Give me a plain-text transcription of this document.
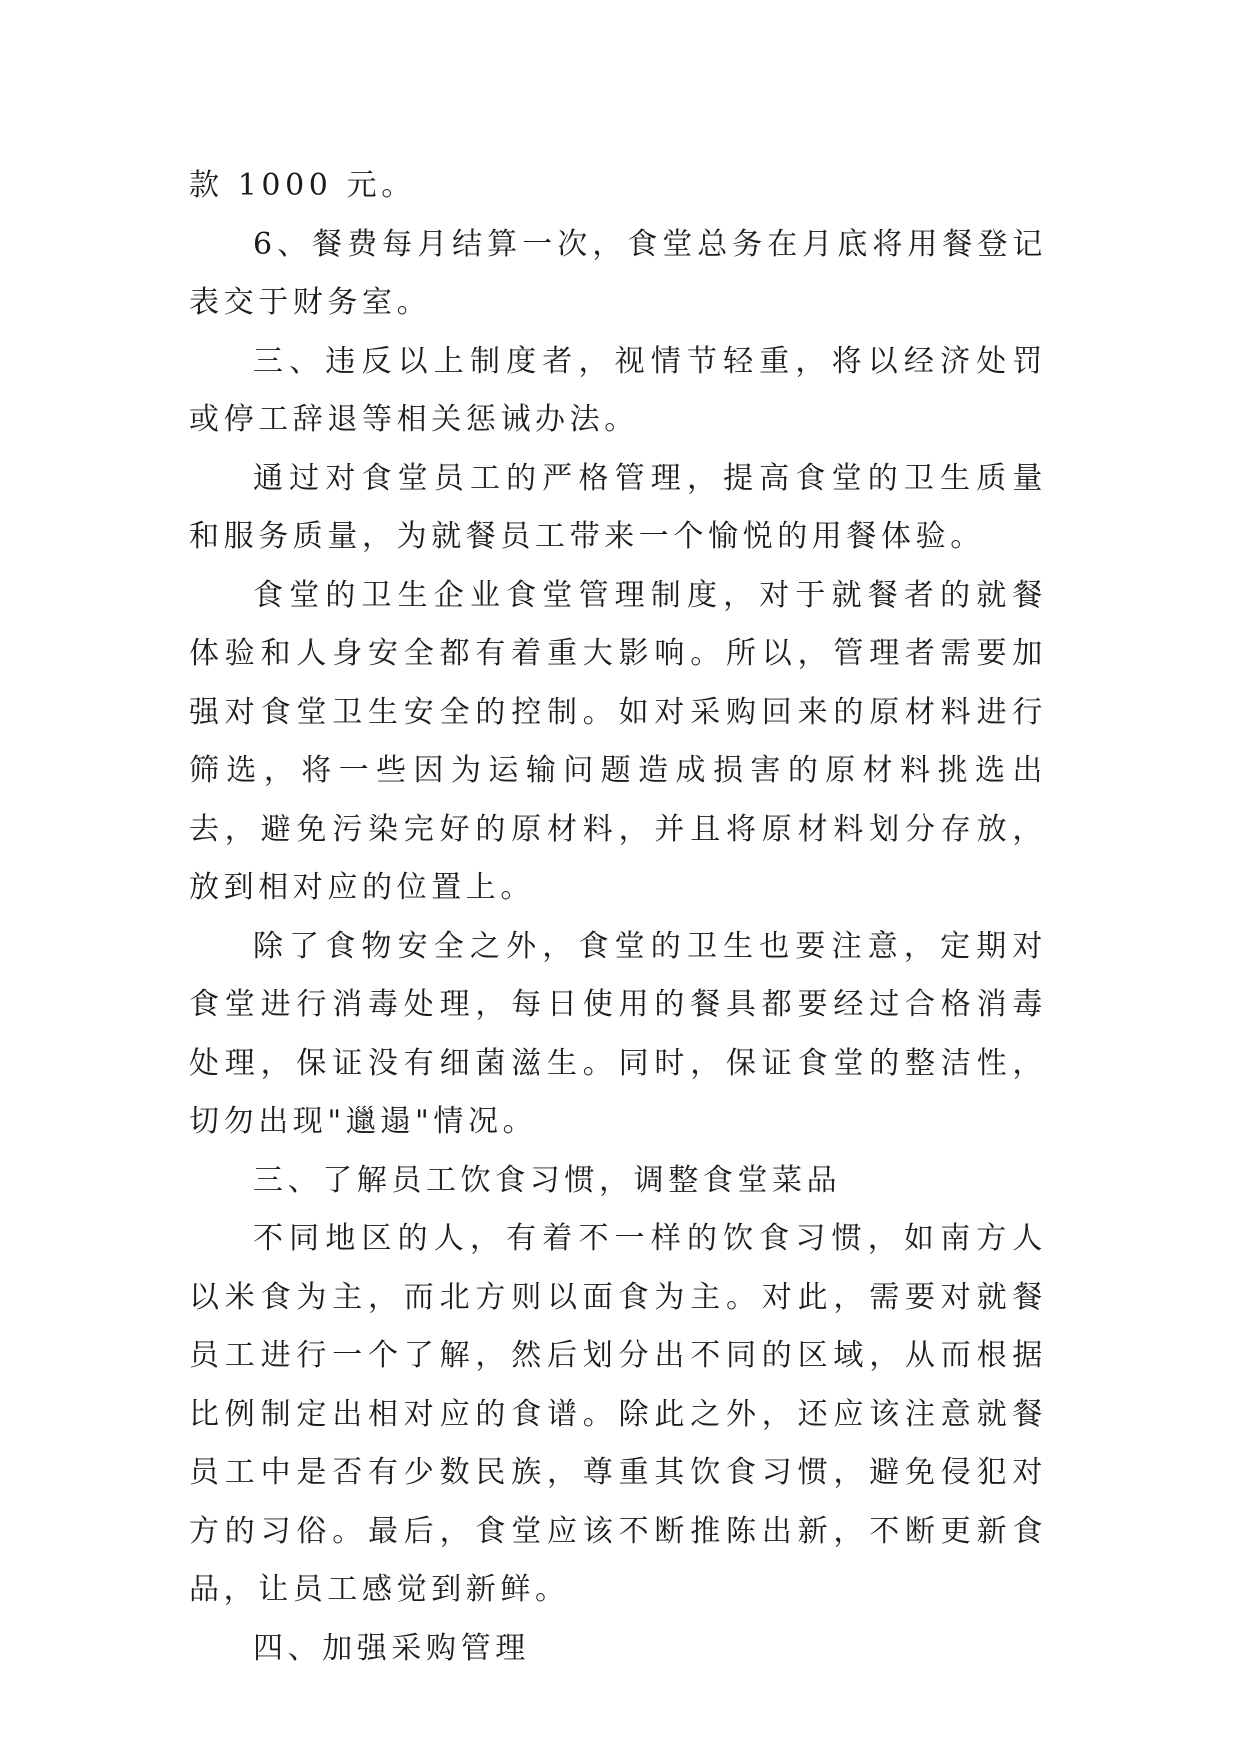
款 1000 元。

6、餐费每月结算一次，食堂总务在月底将用餐登记表交于财务室。

三、违反以上制度者，视情节轻重，将以经济处罚或停工辞退等相关惩诫办法。

通过对食堂员工的严格管理，提高食堂的卫生质量和服务质量，为就餐员工带来一个愉悦的用餐体验。

食堂的卫生企业食堂管理制度，对于就餐者的就餐体验和人身安全都有着重大影响。所以，管理者需要加强对食堂卫生安全的控制。如对采购回来的原材料进行筛选，将一些因为运输问题造成损害的原材料挑选出去，避免污染完好的原材料，并且将原材料划分存放，放到相对应的位置上。

除了食物安全之外，食堂的卫生也要注意，定期对食堂进行消毒处理，每日使用的餐具都要经过合格消毒处理，保证没有细菌滋生。同时，保证食堂的整洁性，切勿出现"邋遢"情况。

三、了解员工饮食习惯，调整食堂菜品

不同地区的人，有着不一样的饮食习惯，如南方人以米食为主，而北方则以面食为主。对此，需要对就餐员工进行一个了解，然后划分出不同的区域，从而根据比例制定出相对应的食谱。除此之外，还应该注意就餐员工中是否有少数民族，尊重其饮食习惯，避免侵犯对方的习俗。最后，食堂应该不断推陈出新，不断更新食品，让员工感觉到新鲜。

四、加强采购管理
